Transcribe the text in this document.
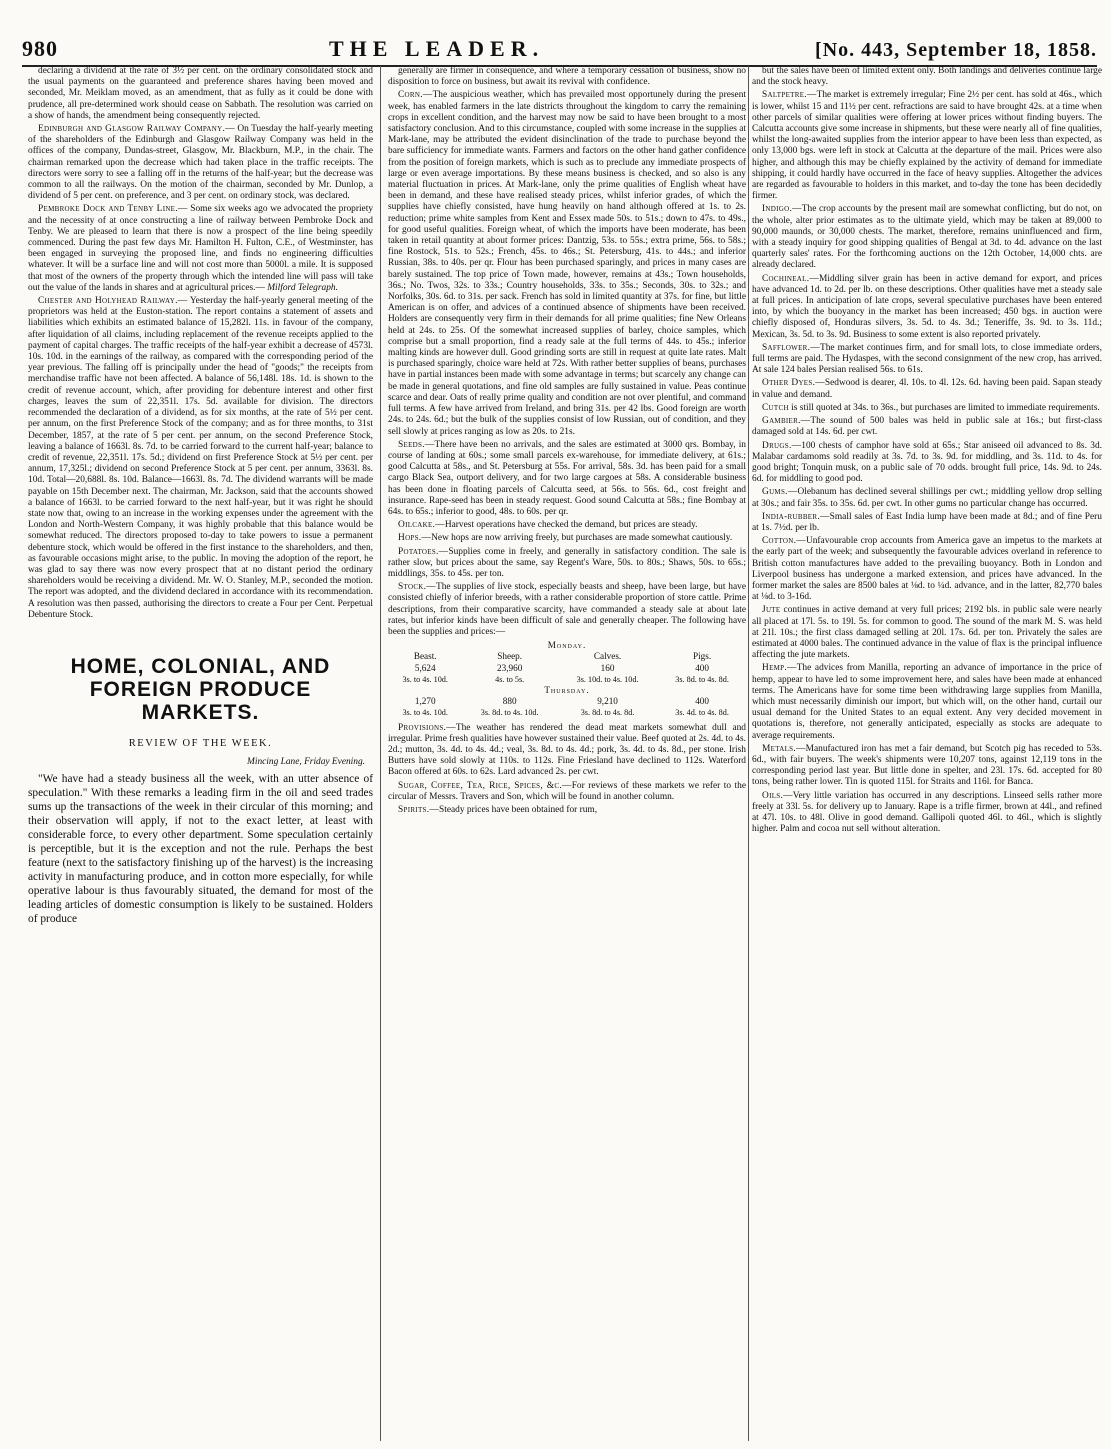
980	THE LEADER.	[No. 443, September 18, 1858.

declaring a dividend at the rate of 3½ per cent. on the ordinary consolidated stock and the usual payments on the guaranteed and preference shares having been moved and seconded, Mr. Meiklam moved, as an amendment, that as fully as it could be done with prudence, all pre-determined work should cease on Sabbath. The resolution was carried on a show of hands, the amendment being consequently rejected.

Edinburgh and Glasgow Railway Company.— On Tuesday the half-yearly meeting of the shareholders of the Edinburgh and Glasgow Railway Company was held in the offices of the company, Dundas-street, Glasgow, Mr. Blackburn, M.P., in the chair. The chairman remarked upon the decrease which had taken place in the traffic receipts. The directors were sorry to see a falling off in the returns of the half-year; but the decrease was common to all the railways. On the motion of the chairman, seconded by Mr. Dunlop, a dividend of 5 per cent. on preference, and 3 per cent. on ordinary stock, was declared.

Pembroke Dock and Tenby Line.— Some six weeks ago we advocated the propriety and the necessity of at once constructing a line of railway between Pembroke Dock and Tenby. We are pleased to learn that there is now a prospect of the line being speedily commenced. During the past few days Mr. Hamilton H. Fulton, C.E., of Westminster, has been engaged in surveying the proposed line, and finds no engineering difficulties whatever. It will be a surface line and will not cost more than 5000l. a mile. It is supposed that most of the owners of the property through which the intended line will pass will take out the value of the lands in shares and at agricultural prices.— Milford Telegraph.

Chester and Holyhead Railway.— Yesterday the half-yearly general meeting of the proprietors was held at the Euston-station. The report contains a statement of assets and liabilities which exhibits an estimated balance of 15,282l. 11s. in favour of the company, after liquidation of all claims, including replacement of the revenue receipts applied to the payment of capital charges. The traffic receipts of the half-year exhibit a decrease of 4573l. 10s. 10d. in the earnings of the railway, as compared with the corresponding period of the year previous. The falling off is principally under the head of "goods;" the receipts from merchandise traffic have not been affected. A balance of 56,148l. 18s. 1d. is shown to the credit of revenue account, which, after providing for debenture interest and other first charges, leaves the sum of 22,351l. 17s. 5d. available for division. The directors recommended the declaration of a dividend, as for six months, at the rate of 5½ per cent. per annum, on the first Preference Stock of the company; and as for three months, to 31st December, 1857, at the rate of 5 per cent. per annum, on the second Preference Stock, leaving a balance of 1663l. 8s. 7d. to be carried forward to the current half-year; balance to credit of revenue, 22,351l. 17s. 5d.; dividend on first Preference Stock at 5½ per cent. per annum, 17,325l.; dividend on second Preference Stock at 5 per cent. per annum, 3363l. 8s. 10d. Total—20,688l. 8s. 10d. Balance—1663l. 8s. 7d. The dividend warrants will be made payable on 15th December next. The chairman, Mr. Jackson, said that the accounts showed a balance of 1663l. to be carried forward to the next half-year, but it was right he should state now that, owing to an increase in the working expenses under the agreement with the London and North-Western Company, it was highly probable that this balance would be somewhat reduced. The directors proposed to-day to take powers to issue a permanent debenture stock, which would be offered in the first instance to the shareholders, and then, as favourable occasions might arise, to the public. In moving the adoption of the report, he was glad to say there was now every prospect that at no distant period the ordinary shareholders would be receiving a dividend. Mr. W. O. Stanley, M.P., seconded the motion. The report was adopted, and the dividend declared in accordance with its recommendation. A resolution was then passed, authorising the directors to create a Four per Cent. Perpetual Debenture Stock.

HOME, COLONIAL, AND FOREIGN PRODUCE MARKETS.
REVIEW OF THE WEEK.
Mincing Lane, Friday Evening.

"We have had a steady business all the week, with an utter absence of speculation." With these remarks a leading firm in the oil and seed trades sums up the transactions of the week in their circular of this morning; and their observation will apply, if not to the exact letter, at least with considerable force, to every other department. Some speculation certainly is perceptible, but it is the exception and not the rule. Perhaps the best feature (next to the satisfactory finishing up of the harvest) is the increasing activity in manufacturing produce, and in cotton more especially, for while operative labour is thus favourably situated, the demand for most of the leading articles of domestic consumption is likely to be sustained. Holders of produce

generally are firmer in consequence, and where a temporary cessation of business, show no disposition to force on business, but await its revival with confidence.

Corn.—The auspicious weather, which has prevailed most opportunely during the present week, has enabled farmers in the late districts throughout the kingdom to carry the remaining crops in excellent condition, and the harvest may now be said to have been brought to a most satisfactory conclusion. And to this circumstance, coupled with some increase in the supplies at Mark-lane, may be attributed the evident disinclination of the trade to purchase beyond the bare sufficiency for immediate wants. Farmers and factors on the other hand gather confidence from the position of foreign markets, which is such as to preclude any immediate prospects of large or even average importations. By these means business is checked, and so also is any material fluctuation in prices. At Mark-lane, only the prime qualities of English wheat have been in demand, and these have realised steady prices, whilst inferior grades, of which the supplies have chiefly consisted, have hung heavily on hand although offered at 1s. to 2s. reduction; prime white samples from Kent and Essex made 50s. to 51s.; down to 47s. to 49s., for good useful qualities. Foreign wheat, of which the imports have been moderate, has been taken in retail quantity at about former prices: Dantzig, 53s. to 55s.; extra prime, 56s. to 58s.; fine Rostock, 51s. to 52s.; French, 45s. to 46s.; St. Petersburg, 41s. to 44s.; and inferior Russian, 38s. to 40s. per qr. Flour has been purchased sparingly, and prices in many cases are barely sustained. The top price of Town made, however, remains at 43s.; Town households, 36s.; No. Twos, 32s. to 33s.; Country households, 33s. to 35s.; Seconds, 30s. to 32s.; and Norfolks, 30s. 6d. to 31s. per sack. French has sold in limited quantity at 37s. for fine, but little American is on offer, and advices of a continued absence of shipments have been received. Holders are consequently very firm in their demands for all prime qualities; fine New Orleans held at 24s. to 25s. Of the somewhat increased supplies of barley, choice samples, which comprise but a small proportion, find a ready sale at the full terms of 44s. to 45s.; inferior malting kinds are however dull. Good grinding sorts are still in request at quite late rates. Malt is purchased sparingly, choice ware held at 72s. With rather better supplies of beans, purchases have in partial instances been made with some advantage in terms; but scarcely any change can be made in general quotations, and fine old samples are fully sustained in value. Peas continue scarce and dear. Oats of really prime quality and condition are not over plentiful, and command full terms. A few have arrived from Ireland, and bring 31s. per 42 lbs. Good foreign are worth 24s. to 24s. 6d.; but the bulk of the supplies consist of low Russian, out of condition, and they sell slowly at prices ranging as low as 20s. to 21s.

Seeds.—There have been no arrivals, and the sales are estimated at 3000 qrs. Bombay, in course of landing at 60s.; some small parcels ex-warehouse, for immediate delivery, at 61s.; good Calcutta at 58s., and St. Petersburg at 55s. For arrival, 58s. 3d. has been paid for a small cargo Black Sea, outport delivery, and for two large cargoes at 58s. A considerable business has been done in floating parcels of Calcutta seed, at 56s. to 56s. 6d., cost freight and insurance. Rape-seed has been in steady request. Good sound Calcutta at 58s.; fine Bombay at 64s. to 65s.; inferior to good, 48s. to 60s. per qr.

Oilcake.—Harvest operations have checked the demand, but prices are steady.

Hops.—New hops are now arriving freely, but purchases are made somewhat cautiously.

Potatoes.—Supplies come in freely, and generally in satisfactory condition. The sale is rather slow, but prices about the same, say Regent's Ware, 50s. to 80s.; Shaws, 50s. to 65s.; middlings, 35s. to 45s. per ton.

Stock.—The supplies of live stock, especially beasts and sheep, have been large, but have consisted chiefly of inferior breeds, with a rather considerable proportion of store cattle. Prime descriptions, from their comparative scarcity, have commanded a steady sale at about late rates, but inferior kinds have been difficult of sale and generally cheaper. The following have been the supplies and prices:—

Monday.			
Beast.	Sheep.	Calves.	Pigs.
5,624	23,960	160	400
3s. to 4s. 10d.	4s. to 5s.	3s. 10d. to 4s. 10d.	3s. 8d. to 4s. 8d.
Thursday.			
1,270	880	9,210	400
3s. to 4s. 10d.	3s. 8d. to 4s. 10d.	3s. 8d. to 4s. 8d.	3s. 4d. to 4s. 8d.

Provisions.—The weather has rendered the dead meat markets somewhat dull and irregular. Prime fresh qualities have however sustained their value. Beef quoted at 2s. 4d. to 4s. 2d.; mutton, 3s. 4d. to 4s. 4d.; veal, 3s. 8d. to 4s. 4d.; pork, 3s. 4d. to 4s. 8d., per stone. Irish Butters have sold slowly at 110s. to 112s. Fine Friesland have declined to 112s. Waterford Bacon offered at 60s. to 62s. Lard advanced 2s. per cwt.

Sugar, Coffee, Tea, Rice, Spices, &c.—For reviews of these markets we refer to the circular of Messrs. Travers and Son, which will be found in another column.

Spirits.—Steady prices have been obtained for rum,

but the sales have been of limited extent only. Both landings and deliveries continue large and the stock heavy.

Saltpetre.—The market is extremely irregular; Fine 2½ per cent. has sold at 46s., which is lower, whilst 15 and 11½ per cent. refractions are said to have brought 42s. at a time when other parcels of similar qualities were offering at lower prices without finding buyers. The Calcutta accounts give some increase in shipments, but these were nearly all of fine qualities, whilst the long-awaited supplies from the interior appear to have been less than expected, as only 13,000 bgs. were left in stock at Calcutta at the departure of the mail. Prices were also higher, and although this may be chiefly explained by the activity of demand for immediate shipping, it could hardly have occurred in the face of heavy supplies. Altogether the advices are regarded as favourable to holders in this market, and to-day the tone has been decidedly firmer.

Indigo.—The crop accounts by the present mail are somewhat conflicting, but do not, on the whole, alter prior estimates as to the ultimate yield, which may be taken at 89,000 to 90,000 maunds, or 30,000 chests. The market, therefore, remains uninfluenced and firm, with a steady inquiry for good shipping qualities of Bengal at 3d. to 4d. advance on the last quarterly sales' rates. For the forthcoming auctions on the 12th October, 14,000 chts. are already declared.

Cochineal.—Middling silver grain has been in active demand for export, and prices have advanced 1d. to 2d. per lb. on these descriptions. Other qualities have met a steady sale at full prices. In anticipation of late crops, several speculative purchases have been entered into, by which the buoyancy in the market has been increased; 450 bgs. in auction were chiefly disposed of, Honduras silvers, 3s. 5d. to 4s. 3d.; Teneriffe, 3s. 9d. to 3s. 11d.; Mexican, 3s. 5d. to 3s. 9d. Business to some extent is also reported privately.

Safflower.—The market continues firm, and for small lots, to close immediate orders, full terms are paid. The Hydaspes, with the second consignment of the new crop, has arrived. At sale 124 bales Persian realised 56s. to 61s.

Other Dyes.—Sedwood is dearer, 4l. 10s. to 4l. 12s. 6d. having been paid. Sapan steady in value and demand.

Cutch is still quoted at 34s. to 36s., but purchases are limited to immediate requirements.

Gambier.—The sound of 500 bales was held in public sale at 16s.; but first-class damaged sold at 14s. 6d. per cwt.

Drugs.—100 chests of camphor have sold at 65s.; Star aniseed oil advanced to 8s. 3d. Malabar cardamoms sold readily at 3s. 7d. to 3s. 9d. for middling, and 3s. 11d. to 4s. for good bright; Tonquin musk, on a public sale of 70 odds. brought full price, 14s. 9d. to 24s. 6d. for middling to good pod.

Gums.—Olebanum has declined several shillings per cwt.; middling yellow drop selling at 30s.; and fair 35s. to 35s. 6d. per cwt. In other gums no particular change has occurred.

India-rubber.—Small sales of East India lump have been made at 8d.; and of fine Peru at 1s. 7½d. per lb.

Cotton.—Unfavourable crop accounts from America gave an impetus to the markets at the early part of the week; and subsequently the favourable advices overland in reference to British cotton manufactures have added to the prevailing buoyancy. Both in London and Liverpool business has undergone a marked extension, and prices have advanced. In the former market the sales are 8500 bales at ⅛d. to ¼d. advance, and in the latter, 82,770 bales at ⅛d. to 3-16d.

Jute continues in active demand at very full prices; 2192 bls. in public sale were nearly all placed at 17l. 5s. to 19l. 5s. for common to good. The sound of the mark M. S. was held at 21l. 10s.; the first class damaged selling at 20l. 17s. 6d. per ton. Privately the sales are estimated at 4000 bales. The continued advance in the value of flax is the principal influence affecting the jute markets.

Hemp.—The advices from Manilla, reporting an advance of importance in the price of hemp, appear to have led to some improvement here, and sales have been made at enhanced terms. The Americans have for some time been withdrawing large supplies from Manilla, which must necessarily diminish our import, but which will, on the other hand, curtail our usual demand for the United States to an equal extent. Any very decided movement in quotations is, therefore, not generally anticipated, especially as stocks are adequate to average requirements.

Metals.—Manufactured iron has met a fair demand, but Scotch pig has receded to 53s. 6d., with fair buyers. The week's shipments were 10,207 tons, against 12,119 tons in the corresponding period last year. But little done in spelter, and 23l. 17s. 6d. accepted for 80 tons, being rather lower. Tin is quoted 115l. for Straits and 116l. for Banca.

Oils.—Very little variation has occurred in any descriptions. Linseed sells rather more freely at 33l. 5s. for delivery up to January. Rape is a trifle firmer, brown at 44l., and refined at 47l. 10s. to 48l. Olive in good demand. Gallipoli quoted 46l. to 46l., which is slightly higher. Palm and cocoa nut sell without alteration.
